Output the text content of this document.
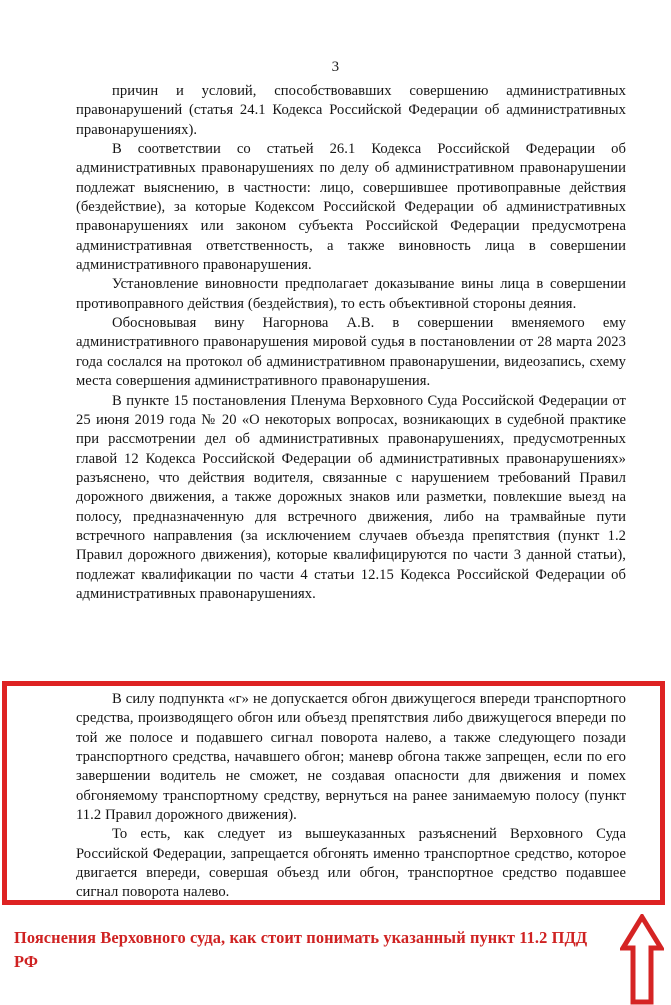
3

причин и условий, способствовавших совершению административных правонарушений (статья 24.1 Кодекса Российской Федерации об административных правонарушениях).

В соответствии со статьей 26.1 Кодекса Российской Федерации об административных правонарушениях по делу об административном правонарушении подлежат выяснению, в частности: лицо, совершившее противоправные действия (бездействие), за которые Кодексом Российской Федерации об административных правонарушениях или законом субъекта Российской Федерации предусмотрена административная ответственность, а также виновность лица в совершении административного правонарушения.

Установление виновности предполагает доказывание вины лица в совершении противоправного действия (бездействия), то есть объективной стороны деяния.

Обосновывая вину Нагорнова А.В. в совершении вменяемого ему административного правонарушения мировой судья в постановлении от 28 марта 2023 года сослался на протокол об административном правонарушении, видеозапись, схему места совершения административного правонарушения.

В пункте 15 постановления Пленума Верховного Суда Российской Федерации от 25 июня 2019 года № 20 «О некоторых вопросах, возникающих в судебной практике при рассмотрении дел об административных правонарушениях, предусмотренных главой 12 Кодекса Российской Федерации об административных правонарушениях» разъяснено, что действия водителя, связанные с нарушением требований Правил дорожного движения, а также дорожных знаков или разметки, повлекшие выезд на полосу, предназначенную для встречного движения, либо на трамвайные пути встречного направления (за исключением случаев объезда препятствия (пункт 1.2 Правил дорожного движения), которые квалифицируются по части 3 данной статьи), подлежат квалификации по части 4 статьи 12.15 Кодекса Российской Федерации об административных правонарушениях.

В силу подпункта «г» не допускается обгон движущегося впереди транспортного средства, производящего обгон или объезд препятствия либо движущегося впереди по той же полосе и подавшего сигнал поворота налево, а также следующего позади транспортного средства, начавшего обгон; маневр обгона также запрещен, если по его завершении водитель не сможет, не создавая опасности для движения и помех обгоняемому транспортному средству, вернуться на ранее занимаемую полосу (пункт 11.2 Правил дорожного движения).

То есть, как следует из вышеуказанных разъяснений Верховного Суда Российской Федерации, запрещается обгонять именно транспортное средство, которое двигается впереди, совершая объезд или обгон, транспортное средство подавшее сигнал поворота налево.

Пояснения Верховного суда, как стоит понимать указанный пункт 11.2 ПДД РФ
